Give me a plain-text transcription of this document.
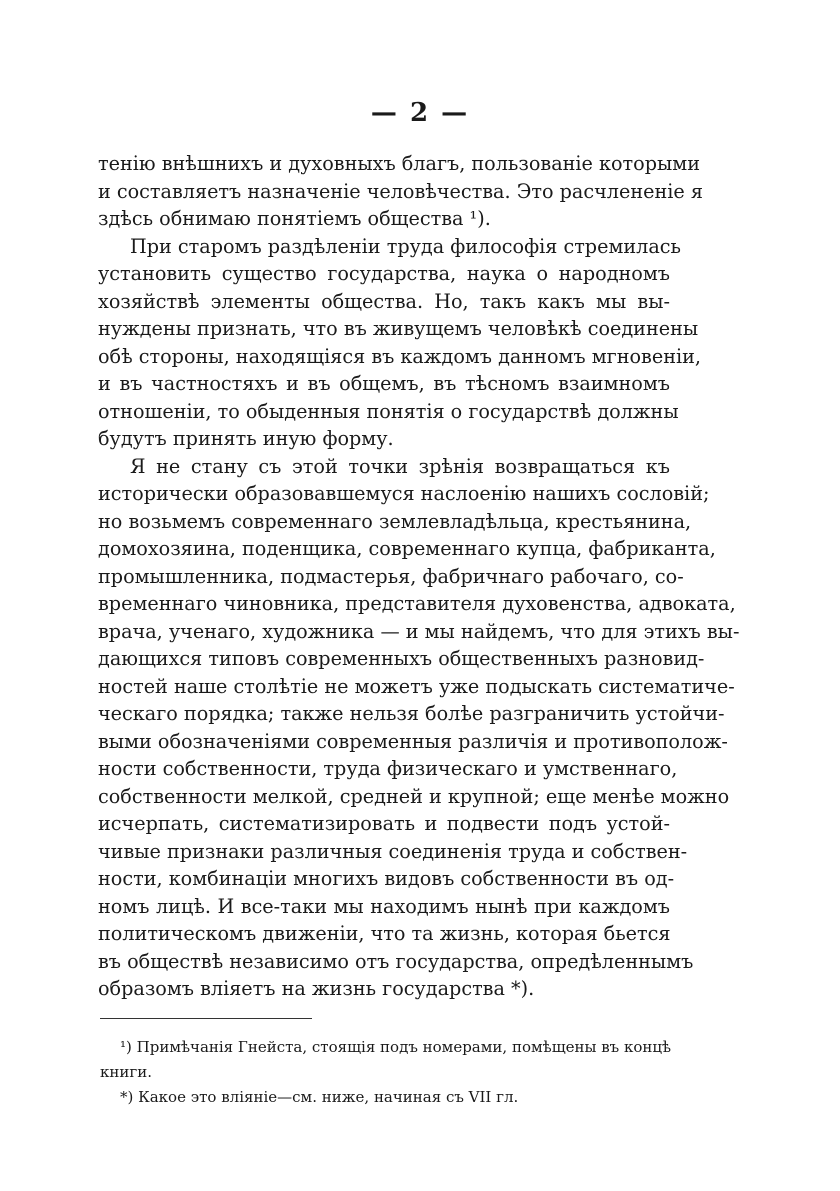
— 2 —

тенію внѣшнихъ и духовныхъ благъ, пользованіе которыми
и составляетъ назначеніе человѣчества. Это расчлененіе я
здѣсь обнимаю понятіемъ общества ¹).

При старомъ раздѣленіи труда философія стремилась
установить существо государства, наука о народномъ
хозяйствѣ элементы общества. Но, такъ какъ мы вы-
нуждены признать, что въ живущемъ человѣкѣ соединены
обѣ стороны, находящіяся въ каждомъ данномъ мгновеніи,
и въ частностяхъ и въ общемъ, въ тѣсномъ взаимномъ
отношеніи, то обыденныя понятія о государствѣ должны
будутъ принять иную форму.

Я не стану съ этой точки зрѣнія возвращаться къ
исторически образовавшемуся наслоенію нашихъ сословій;
но возьмемъ современнаго землевладѣльца, крестьянина,
домохозяина, поденщика, современнаго купца, фабриканта,
промышленника, подмастерья, фабричнаго рабочаго, со-
временнаго чиновника, представителя духовенства, адвоката,
врача, ученаго, художника — и мы найдемъ, что для этихъ вы-
дающихся типовъ современныхъ общественныхъ разновид-
ностей наше столѣтіе не можетъ уже подыскать систематиче-
ческаго порядка; также нельзя болѣе разграничить устойчи-
выми обозначеніями современныя различія и противополож-
ности собственности, труда физическаго и умственнаго,
собственности мелкой, средней и крупной; еще менѣе можно
исчерпать, систематизировать и подвести подъ устой-
чивые признаки различныя соединенія труда и собствен-
ности, комбинаціи многихъ видовъ собственности въ од-
номъ лицѣ. И все-таки мы находимъ нынѣ при каждомъ
политическомъ движеніи, что та жизнь, которая бьется
въ обществѣ независимо отъ государства, опредѣленнымъ
образомъ вліяетъ на жизнь государства *).

¹) Примѣчанія Гнейста, стоящія подъ номерами, помѣщены въ концѣ
книги.
*) Какое это вліяніе—см. ниже, начиная съ VII гл.
